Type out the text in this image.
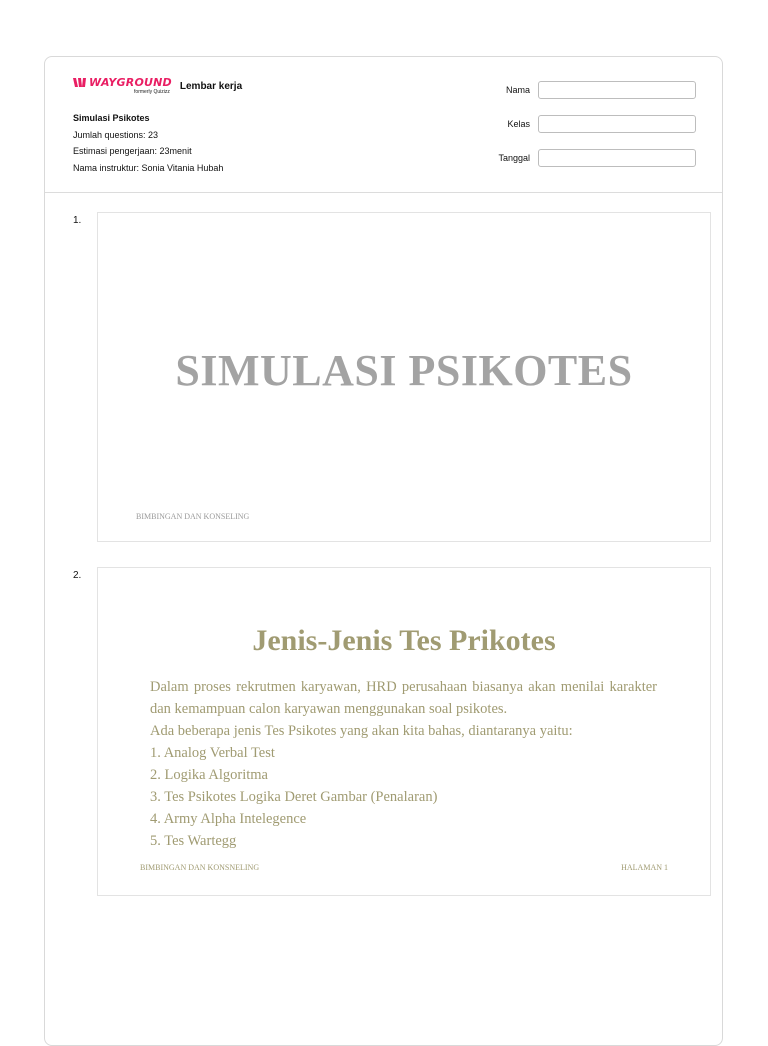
WAYGROUND
formerly Quizizz Lembar kerja
Simulasi Psikotes
Jumlah questions: 23
Estimasi pengerjaan: 23menit
Nama instruktur: Sonia Vitania Hubah
Nama
Kelas
Tanggal
1.
SIMULASI PSIKOTES
BIMBINGAN DAN KONSELING
2.
Jenis-Jenis Tes Prikotes

Dalam proses rekrutmen karyawan, HRD perusahaan biasanya akan menilai karakter dan kemampuan calon karyawan menggunakan soal psikotes.

Ada beberapa jenis Tes Psikotes yang akan kita bahas, diantaranya yaitu:

1. Analog Verbal Test

2. Logika Algoritma

3. Tes Psikotes Logika Deret Gambar (Penalaran)

4. Army Alpha Intelegence

5. Tes Wartegg

BIMBINGAN DAN KONSNELING	HALAMAN 1
